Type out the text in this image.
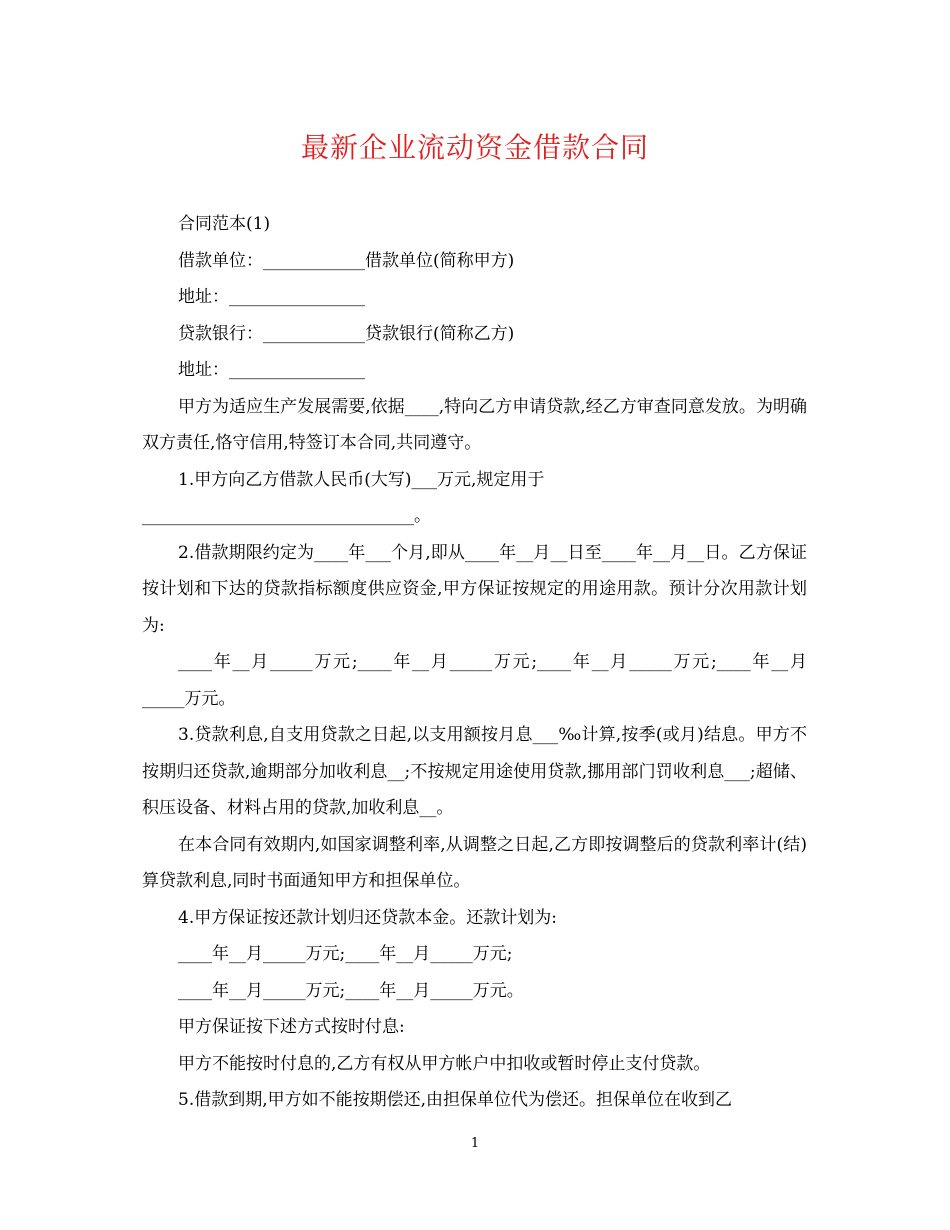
最新企业流动资金借款合同

合同范本(1)

借款单位：____________借款单位(简称甲方)

地址：________________

贷款银行：____________贷款银行(简称乙方)

地址：________________

甲方为适应生产发展需要,依据____,特向乙方申请贷款,经乙方审查同意发放。为明确双方责任,恪守信用,特签订本合同,共同遵守。

1.甲方向乙方借款人民币(大写)___万元,规定用于

________________________________。

2.借款期限约定为____年___个月,即从____年__月__日至____年__月__日。乙方保证按计划和下达的贷款指标额度供应资金,甲方保证按规定的用途用款。预计分次用款计划为:

____年__月_____万元;____年__月_____万元;____年__月_____万元;____年__月_____万元。

3.贷款利息,自支用贷款之日起,以支用额按月息___‰计算,按季(或月)结息。甲方不按期归还贷款,逾期部分加收利息__;不按规定用途使用贷款,挪用部门罚收利息___;超储、积压设备、材料占用的贷款,加收利息__。

在本合同有效期内,如国家调整利率,从调整之日起,乙方即按调整后的贷款利率计(结)算贷款利息,同时书面通知甲方和担保单位。

4.甲方保证按还款计划归还贷款本金。还款计划为:

____年__月_____万元;____年__月_____万元;

____年__月_____万元;____年__月_____万元。

甲方保证按下述方式按时付息:

甲方不能按时付息的,乙方有权从甲方帐户中扣收或暂时停止支付贷款。

5.借款到期,甲方如不能按期偿还,由担保单位代为偿还。担保单位在收到乙

1
